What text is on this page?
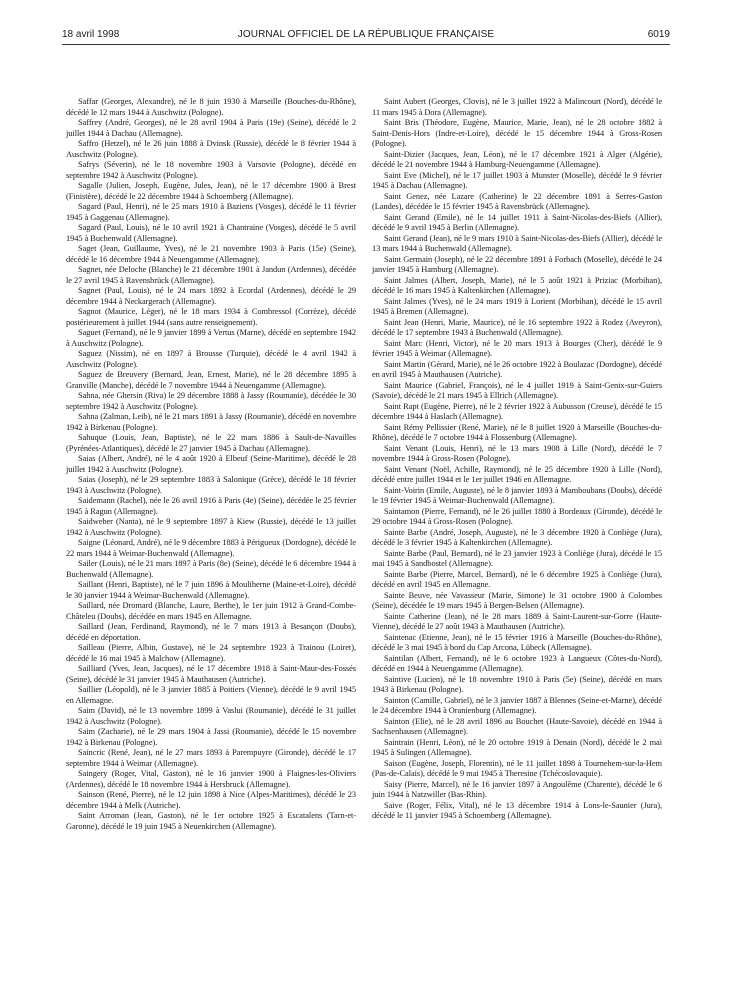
18 avril 1998	JOURNAL OFFICIEL DE LA RÉPUBLIQUE FRANÇAISE	6019

Saffar (Georges, Alexandre), né le 8 juin 1930 à Marseille (Bouches-du-Rhône), décédé le 12 mars 1944 à Auschwitz (Pologne).

Saffrey (André, Georges), né le 28 avril 1904 à Paris (19e) (Seine), décédé le 2 juillet 1944 à Dachau (Allemagne).

Saffro (Hetzel), né le 26 juin 1888 à Dvinsk (Russie), décédé le 8 février 1944 à Auschwitz (Pologne).

Safrys (Séverin), né le 18 novembre 1903 à Varsovie (Pologne), décédé en septembre 1942 à Auschwitz (Pologne).

Sagalle (Julien, Joseph, Eugène, Jules, Jean), né le 17 décembre 1900 à Brest (Finistère), décédé le 22 décembre 1944 à Schoemberg (Allemagne).

Sagard (Paul, Henri), né le 25 mars 1910 à Baziens (Vosges), décédé le 11 février 1945 à Gaggenau (Allemagne).

Sagard (Paul, Louis), né le 10 avril 1921 à Chantraine (Vosges), décédé le 5 avril 1945 à Buchenwald (Allemagne).

Saget (Jean, Guillaume, Yves), né le 21 novembre 1903 à Paris (15e) (Seine), décédé le 16 décembre 1944 à Neuengamme (Allemagne).

Sagnet, née Deloche (Blanche) le 21 décembre 1901 à Jandun (Ardennes), décédée le 27 avril 1945 à Ravensbrück (Allemagne).

Sagnet (Paul, Louis), né le 24 mars 1892 à Ecordal (Ardennes), décédé le 29 décembre 1944 à Neckargerach (Allemagne).

Sagnot (Maurice, Léger), né le 18 mars 1934 à Combressol (Corrèze), décédé postérieurement à juillet 1944 (sans autre renseignement).

Saguet (Fernand), né le 9 janvier 1899 à Vertus (Marne), décédé en septembre 1942 à Auschwitz (Pologne).

Saguez (Nissim), né en 1897 à Brousse (Turquie), décédé le 4 avril 1942 à Auschwitz (Pologne).

Saguez de Breuvery (Bernard, Jean, Ernest, Marie), né le 28 décembre 1895 à Granville (Manche), décédé le 7 novembre 1944 à Neuengamme (Allemagne).

Sahna, née Ghersin (Riva) le 29 décembre 1888 à Jassy (Roumanie), décédée le 30 septembre 1942 à Auschwitz (Pologne).

Sahna (Zalman, Leib), né le 21 mars 1891 à Jassy (Roumanie), décédé en novembre 1942 à Birkenau (Pologne).

Sahuque (Louis, Jean, Baptiste), né le 22 mars 1886 à Sault-de-Navailles (Pyrénées-Atlantiques), décédé le 27 janvier 1945 à Dachau (Allemagne).

Saias (Albert, André), né le 4 août 1920 à Elbeuf (Seine-Maritime), décédé le 28 juillet 1942 à Auschwitz (Pologne).

Saias (Joseph), né le 29 septembre 1883 à Salonique (Grèce), décédé le 18 février 1943 à Auschwitz (Pologne).

Saidemann (Rachel), née le 26 avril 1916 à Paris (4e) (Seine), décédée le 25 février 1945 à Ragun (Allemagne).

Saidweber (Nanta), né le 9 septembre 1897 à Kiew (Russie), décédé le 13 juillet 1942 à Auschwitz (Pologne).

Saigne (Léonard, André), né le 9 décembre 1883 à Périgueux (Dordogne), décédé le 22 mars 1944 à Weimar-Buchenwald (Allemagne).

Sailer (Louis), né le 21 mars 1897 à Paris (8e) (Seine), décédé le 6 décembre 1944 à Buchenwald (Allemagne).

Saillant (Henri, Baptiste), né le 7 juin 1896 à Mouliherne (Maine-et-Loire), décédé le 30 janvier 1944 à Weimar-Buchenwald (Allemagne).

Saillard, née Dromard (Blanche, Laure, Berthe), le 1er juin 1912 à Grand-Combe-Châteleu (Doubs), décédée en mars 1945 en Allemagne.

Saillard (Jean, Ferdinand, Raymond), né le 7 mars 1913 à Besançon (Doubs), décédé en déportation.

Sailleau (Pierre, Albin, Gustave), né le 24 septembre 1923 à Trainou (Loiret), décédé le 16 mai 1945 à Malchow (Allemagne).

Sailliard (Yves, Jean, Jacques), né le 17 décembre 1918 à Saint-Maur-des-Fossés (Seine), décédé le 31 janvier 1945 à Mauthausen (Autriche).

Saillier (Léopold), né le 3 janvier 1885 à Poitiers (Vienne), décédé le 9 avril 1945 en Allemagne.

Saim (David), né le 13 novembre 1899 à Vaslui (Roumanie), décédé le 31 juillet 1942 à Auschwitz (Pologne).

Saim (Zacharie), né le 29 mars 1904 à Jassi (Roumanie), décédé le 15 novembre 1942 à Birkenau (Pologne).

Saincric (René, Jean), né le 27 mars 1893 à Parempuyre (Gironde), décédé le 17 septembre 1944 à Weimar (Allemagne).

Saingery (Roger, Vital, Gaston), né le 16 janvier 1900 à Flaignes-les-Oliviers (Ardennes), décédé le 18 novembre 1944 à Hersbruck (Allemagne).

Sainson (René, Pierre), né le 12 juin 1898 à Nice (Alpes-Maritimes), décédé le 23 décembre 1944 à Melk (Autriche).

Saint Arroman (Jean, Gaston), né le 1er octobre 1925 à Escatalens (Tarn-et-Garonne), décédé le 19 juin 1945 à Neuenkirchen (Allemagne).

Saint Aubert (Georges, Clovis), né le 3 juillet 1922 à Malincourt (Nord), décédé le 11 mars 1945 à Dora (Allemagne).

Saint Bris (Théodore, Eugène, Maurice, Marie, Jean), né le 28 octobre 1882 à Saint-Denis-Hors (Indre-et-Loire), décédé le 15 décembre 1944 à Gross-Rosen (Pologne).

Saint-Dizier (Jacques, Jean, Léon), né le 17 décembre 1921 à Alger (Algérie), décédé le 21 novembre 1944 à Hamburg-Neuengamme (Allemagne).

Saint Eve (Michel), né le 17 juillet 1903 à Munster (Moselle), décédé le 9 février 1945 à Dachau (Allemagne).

Saint Genez, née Lazare (Catherine) le 22 décembre 1891 à Serres-Gaston (Landes), décédée le 15 février 1945 à Ravensbrück (Allemagne).

Saint Gerand (Emile), né le 14 juillet 1911 à Saint-Nicolas-des-Biefs (Allier), décédé le 9 avril 1945 à Berlin (Allemagne).

Saint Gerand (Jean), né le 9 mars 1910 à Saint-Nicolas-des-Biefs (Allier), décédé le 13 mars 1944 à Buchenwald (Allemagne).

Saint Germain (Joseph), né le 22 décembre 1891 à Forbach (Moselle), décédé le 24 janvier 1945 à Hamburg (Allemagne).

Saint Jalmes (Albert, Joseph, Marie), né le 5 août 1921 à Priziac (Morbihan), décédé le 16 mars 1945 à Kaltenkirchen (Allemagne).

Saint Jalmes (Yves), né le 24 mars 1919 à Lorient (Morbihan), décédé le 15 avril 1945 à Bremen (Allemagne).

Saint Jean (Henri, Marie, Maurice), né le 16 septembre 1922 à Rodez (Aveyron), décédé le 17 septembre 1943 à Buchenwald (Allemagne).

Saint Marc (Henri, Victor), né le 20 mars 1913 à Bourges (Cher), décédé le 9 février 1945 à Weimar (Allemagne).

Saint Martin (Gérard, Marie), né le 26 octobre 1922 à Boulazac (Dordogne), décédé en avril 1945 à Mauthausen (Autriche).

Saint Maurice (Gabriel, François), né le 4 juillet 1919 à Saint-Genix-sur-Guiers (Savoie), décédé le 21 mars 1945 à Ellrich (Allemagne).

Saint Rapt (Eugène, Pierre), né le 2 février 1922 à Aubusson (Creuse), décédé le 15 décembre 1944 à Haslach (Allemagne).

Saint Rémy Pellissier (René, Marie), né le 8 juillet 1920 à Marseille (Bouches-du-Rhône), décédé le 7 octobre 1944 à Flossenburg (Allemagne).

Saint Venant (Louis, Henri), né le 13 mars 1908 à Lille (Nord), décédé le 7 novembre 1944 à Gross-Rosen (Pologne).

Saint Venant (Noël, Achille, Raymond), né le 25 décembre 1920 à Lille (Nord), décédé entre juillet 1944 et le 1er juillet 1946 en Allemagne.

Saint-Voirin (Emile, Auguste), né le 8 janvier 1893 à Mamboubans (Doubs), décédé le 19 février 1945 à Weimar-Buchenwald (Allemagne).

Saintamon (Pierre, Fernand), né le 26 juillet 1880 à Bordeaux (Gironde), décédé le 29 octobre 1944 à Gross-Rosen (Pologne).

Sainte Barbe (André, Joseph, Auguste), né le 3 décembre 1920 à Conliège (Jura), décédé le 3 février 1945 à Kaltenkirchen (Allemagne).

Sainte Barbe (Paul, Bernard), né le 23 janvier 1923 à Conliège (Jura), décédé le 15 mai 1945 à Sandbostel (Allemagne).

Sainte Barbe (Pierre, Marcel, Bernard), né le 6 décembre 1925 à Conliège (Jura), décédé en avril 1945 en Allemagne.

Sainte Beuve, née Vavasseur (Marie, Simone) le 31 octobre 1900 à Colombes (Seine), décédée le 19 mars 1945 à Bergen-Belsen (Allemagne).

Sainte Catherine (Jean), né le 28 mars 1889 à Saint-Laurent-sur-Gorre (Haute-Vienne), décédé le 27 août 1943 à Mauthausen (Autriche).

Saintenac (Etienne, Jean), né le 15 février 1916 à Marseille (Bouches-du-Rhône), décédé le 3 mai 1945 à bord du Cap Arcona, Lübeck (Allemagne).

Saintilan (Albert, Fernand), né le 6 octobre 1923 à Langueux (Côtes-du-Nord), décédé en 1944 à Neuengamme (Allemagne).

Saintive (Lucien), né le 18 novembre 1910 à Paris (5e) (Seine), décédé en mars 1943 à Birkenau (Pologne).

Sainton (Camille, Gabriel), né le 3 janvier 1887 à Blennes (Seine-et-Marne), décédé le 24 décembre 1944 à Oranienburg (Allemagne).

Sainton (Elie), né le 28 avril 1896 au Bouchet (Haute-Savoie), décédé en 1944 à Sachsenhausen (Allemagne).

Saintrain (Henri, Léon), né le 20 octobre 1919 à Denain (Nord), décédé le 2 mai 1945 à Sulingen (Allemagne).

Saison (Eugène, Joseph, Florentin), né le 11 juillet 1898 à Tournehem-sur-la-Hem (Pas-de-Calais), décédé le 9 mai 1945 à Theresine (Tchécoslovaquie).

Saisy (Pierre, Marcel), né le 16 janvier 1897 à Angoulême (Charente), décédé le 6 juin 1944 à Natzwiller (Bas-Rhin).

Saive (Roger, Félix, Vital), né le 13 décembre 1914 à Lons-le-Saunier (Jura), décédé le 11 janvier 1945 à Schoemberg (Allemagne).
